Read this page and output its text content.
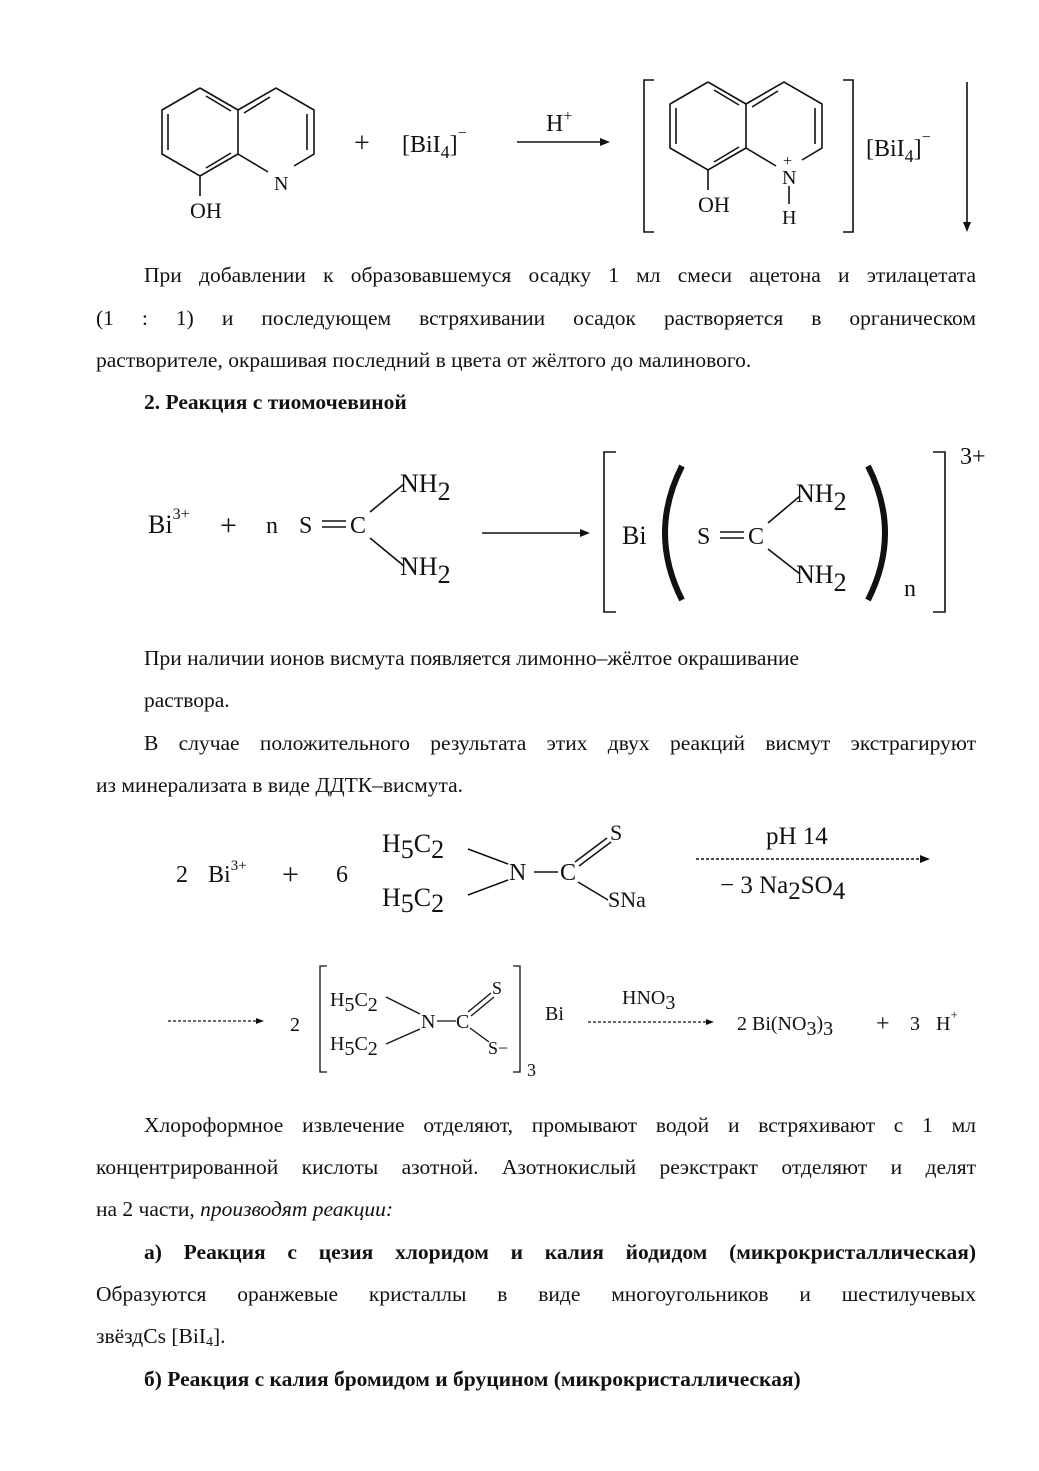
OH
N
+ [BiI$_4$]−	H+
OH
N
+
H
[BiI$_4$]−
При добавлении к образовавшемуся осадку 1 мл смеси ацетона и этилацетата
(1 : 1) и последующем встряхивании осадок растворяется в органическом
растворителе, окрашивая последний в цвета от жёлтого до малинового.
2. Реакция с тиомочевиной
$Bi^{3+} + n$ S C
NH2
NH2
Bi S C
NH2
NH2 n
3+
При наличии ионов висмута появляется лимонно–жёлтое окрашивание
раствора.
В случае положительного результата этих двух реакций висмут экстрагируют
из минерализата в виде ДДТК–висмута.
2 $Bi^{3+} + 6$
H5C2
H5C2
N C
S
SNa
pH 14
− 3 Na2SO4
2
H5C2
H5C2
N C
S
S−
3
Bi
HNO3
2 Bi(NO3)3 + 3 H+
Хлороформное извлечение отделяют, промывают водой и встряхивают с 1 мл
концентрированной кислоты азотной. Азотнокислый реэкстракт отделяют и делят
на 2 части, производят реакции:
а) Реакция с цезия хлоридом и калия йодидом (микрокристаллическая)
Образуются оранжевые кристаллы в виде многоугольников и шестилучевых
звёздCs [BiI$_4$].
б) Реакция с калия бромидом и бруцином (микрокристаллическая)
